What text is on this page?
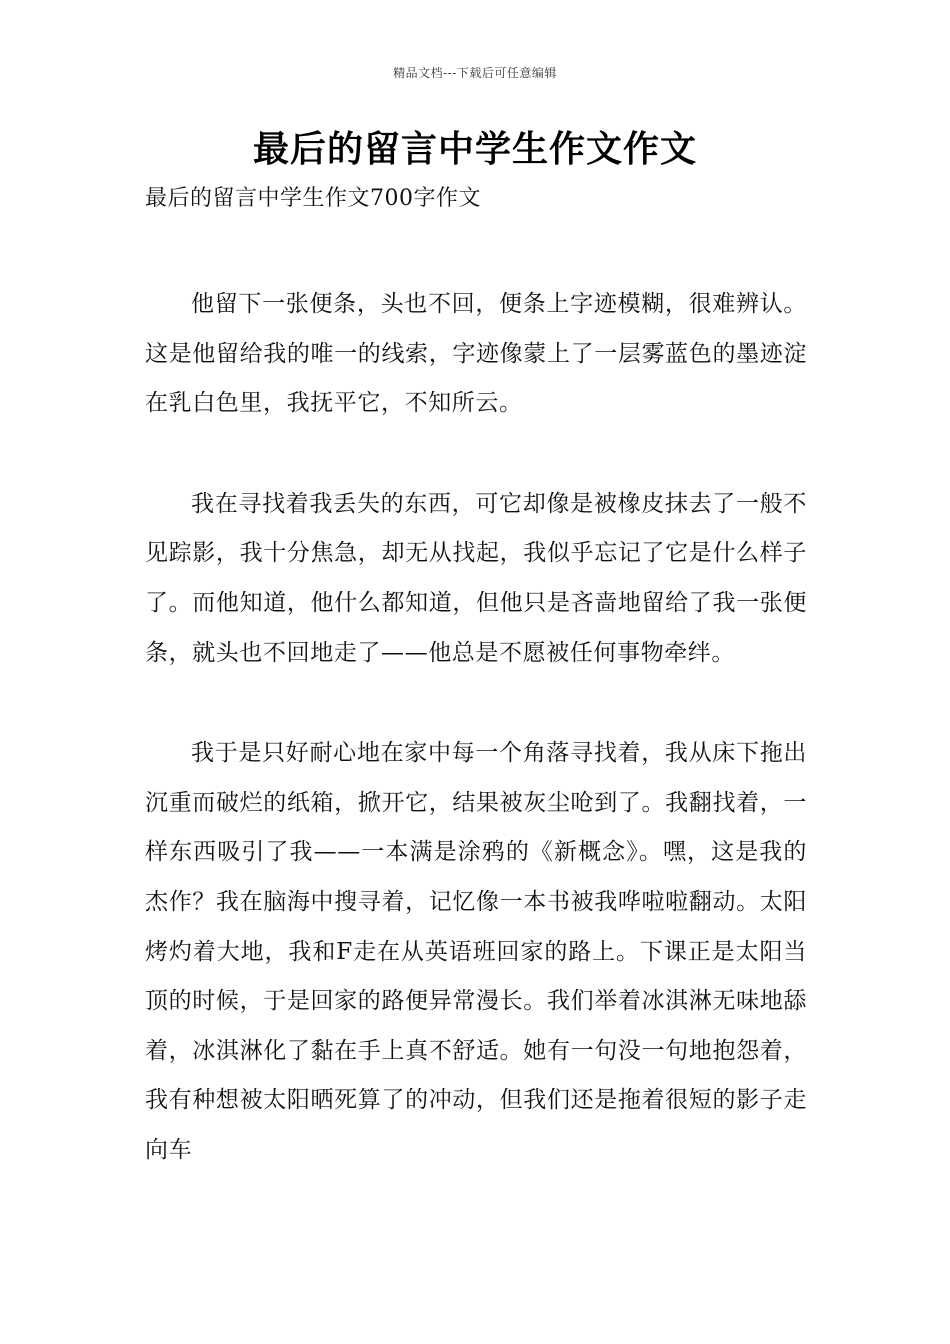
精品文档---下载后可任意编辑
最后的留言中学生作文作文
最后的留言中学生作文700字作文

他留下一张便条，头也不回，便条上字迹模糊，很难辨认。这是他留给我的唯一的线索，字迹像蒙上了一层雾蓝色的墨迹淀在乳白色里，我抚平它，不知所云。

我在寻找着我丢失的东西，可它却像是被橡皮抹去了一般不见踪影，我十分焦急，却无从找起，我似乎忘记了它是什么样子了。而他知道，他什么都知道，但他只是吝啬地留给了我一张便条，就头也不回地走了——他总是不愿被任何事物牵绊。

我于是只好耐心地在家中每一个角落寻找着，我从床下拖出沉重而破烂的纸箱，掀开它，结果被灰尘呛到了。我翻找着，一样东西吸引了我——一本满是涂鸦的《新概念》。嘿，这是我的杰作？我在脑海中搜寻着，记忆像一本书被我哗啦啦翻动。太阳烤灼着大地，我和F走在从英语班回家的路上。下课正是太阳当顶的时候，于是回家的路便异常漫长。我们举着冰淇淋无味地舔着，冰淇淋化了黏在手上真不舒适。她有一句没一句地抱怨着，我有种想被太阳晒死算了的冲动，但我们还是拖着很短的影子走向车
